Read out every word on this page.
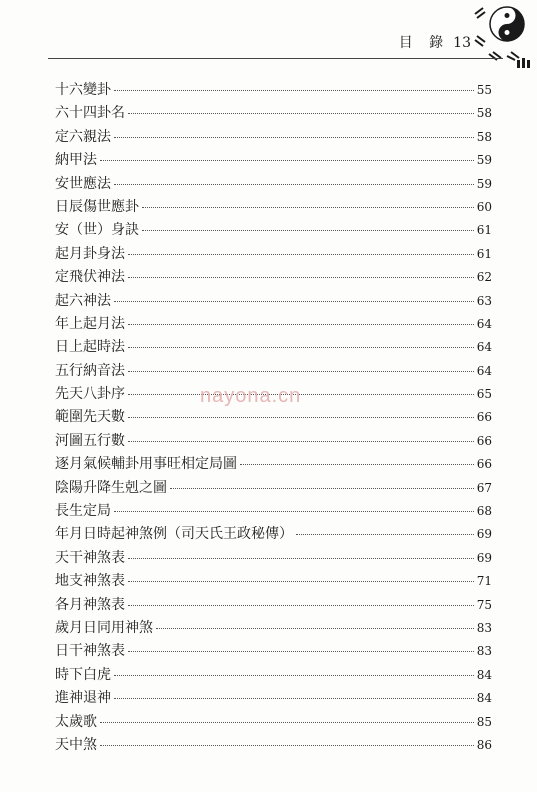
目 錄 13
十六變卦	55
六十四卦名	58
定六親法	58
納甲法	59
安世應法	59
日辰傷世應卦	60
安（世）身訣	61
起月卦身法	61
定飛伏神法	62
起六神法	63
年上起月法	64
日上起時法	64
五行納音法	64
先天八卦序	65
範圍先天數	66
河圖五行數	66
逐月氣候輔卦用事旺相定局圖	66
陰陽升降生剋之圖	67
長生定局	68
年月日時起神煞例（司天氏王政秘傳）	69
天干神煞表	69
地支神煞表	71
各月神煞表	75
歲月日同用神煞	83
日干神煞表	83
時下白虎	84
進神退神	84
太歲歌	85
天中煞	86
nayona.cn
